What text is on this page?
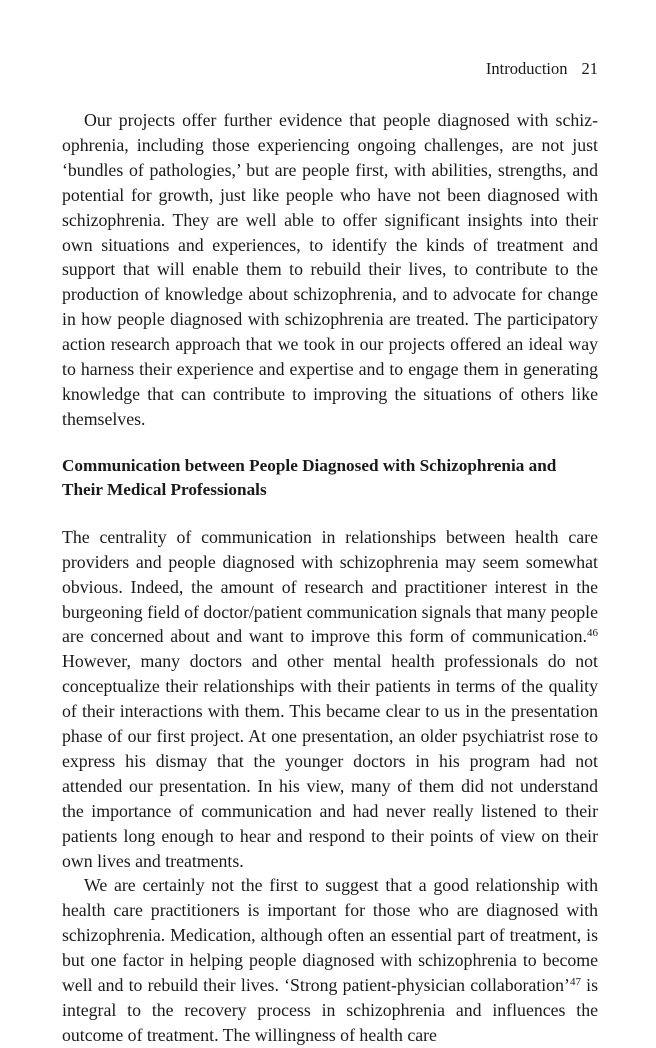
Introduction 21

Our projects offer further evidence that people diagnosed with schizophrenia, including those experiencing ongoing challenges, are not just ‘bundles of pathologies,’ but are people first, with abilities, strengths, and potential for growth, just like people who have not been diagnosed with schizophrenia. They are well able to offer significant insights into their own situations and experiences, to identify the kinds of treatment and support that will enable them to rebuild their lives, to contribute to the production of knowledge about schizophrenia, and to advocate for change in how people diagnosed with schizophrenia are treated. The participatory action research approach that we took in our projects offered an ideal way to harness their experience and expertise and to engage them in generating knowledge that can contribute to improving the situations of others like themselves.

Communication between People Diagnosed with Schizophrenia and Their Medical Professionals

The centrality of communication in relationships between health care providers and people diagnosed with schizophrenia may seem somewhat obvious. Indeed, the amount of research and practitioner interest in the burgeoning field of doctor/patient communication signals that many people are concerned about and want to improve this form of communication.$^{46}$ However, many doctors and other mental health professionals do not conceptualize their relationships with their patients in terms of the quality of their interactions with them. This became clear to us in the presentation phase of our first project. At one presentation, an older psychiatrist rose to express his dismay that the younger doctors in his program had not attended our presentation. In his view, many of them did not understand the importance of communication and had never really listened to their patients long enough to hear and respond to their points of view on their own lives and treatments.

We are certainly not the first to suggest that a good relationship with health care practitioners is important for those who are diagnosed with schizophrenia. Medication, although often an essential part of treatment, is but one factor in helping people diagnosed with schizophrenia to become well and to rebuild their lives. ‘Strong patient-physician collaboration’$^{47}$ is integral to the recovery process in schizophrenia and influences the outcome of treatment. The willingness of health care
